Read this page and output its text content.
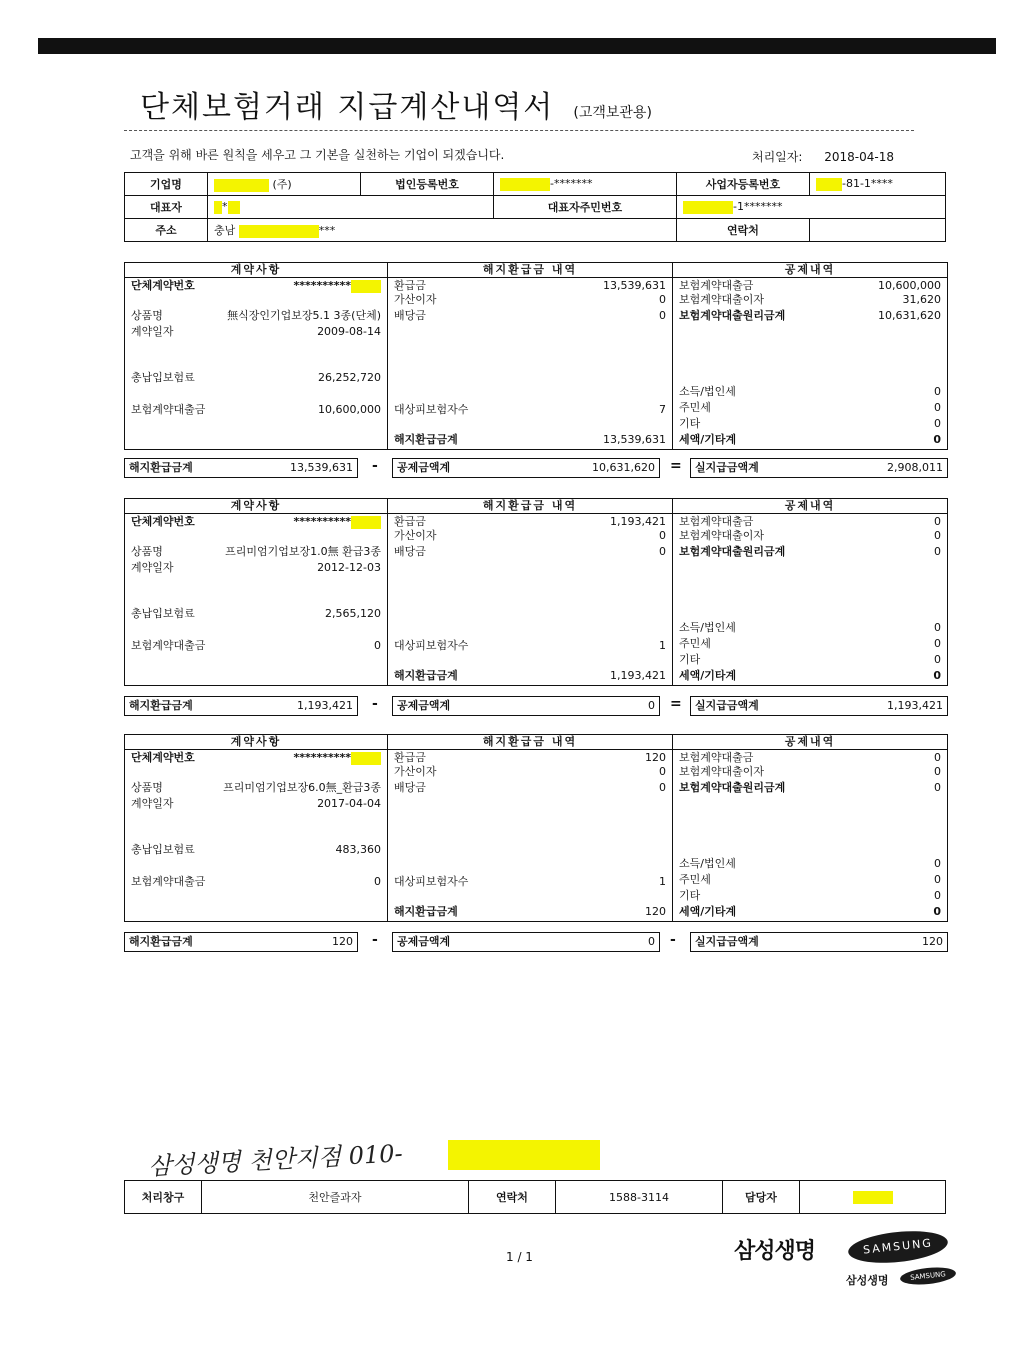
단체보험거래 지급계산내역서 (고객보관용)
고객을 위해 바른 원칙을 세우고 그 기본을 실천하는 기업이 되겠습니다.	처리일자: 2018-04-18
기업명	(주)	법인등록번호	-*******	사업자등록번호	-81-1****
대표자	*		대표자주민번호	-1*******	
주소	충남 ***			연락처	
계약사항
단체계약번호	**********
상품명	無식장인기업보장5.1 3종(단체)
계약일자	2009-08-14
총납입보험료	26,252,720
보험계약대출금	10,600,000
해지환급금 내역
환급금	13,539,631
가산이자	0
배당금	0
대상피보험자수	7
해지환급금계	13,539,631
공제내역
보험계약대출금	10,600,000
보험계약대출이자	31,620
보험계약대출원리금계	10,631,620
소득/법인세	0
주민세	0
기타	0
세액/기타계	0
해지환급금계	13,539,631 - 공제금액계	10,631,620 = 실지급금액계	2,908,011
계약사항
단체계약번호	**********
상품명	프리미엄기업보장1.0無 환급3종
계약일자	2012-12-03
총납입보험료	2,565,120
보험계약대출금	0
해지환급금 내역
환급금	1,193,421
가산이자	0
배당금	0
대상피보험자수	1
해지환급금계	1,193,421
공제내역
보험계약대출금	0
보험계약대출이자	0
보험계약대출원리금계	0
소득/법인세	0
주민세	0
기타	0
세액/기타계	0
해지환급금계	1,193,421 - 공제금액계	0 = 실지급금액계	1,193,421
계약사항
단체계약번호	**********
상품명	프리미엄기업보장6.0無_환급3종
계약일자	2017-04-04
총납입보험료	483,360
보험계약대출금	0
해지환급금 내역
환급금	120
가산이자	0
배당금	0
대상피보험자수	1
해지환급금계	120
공제내역
보험계약대출금	0
보험계약대출이자	0
보험계약대출원리금계	0
소득/법인세	0
주민세	0
기타	0
세액/기타계	0
해지환급금계	120 - 공제금액계	0 - 실지급금액계	120
삼성생명 천안지점 010-
처리창구	천안즐과자	연락처	1588-3114	담당자	
1 / 1	삼성생명	SAMSUNG
삼성생명	SAMSUNG
